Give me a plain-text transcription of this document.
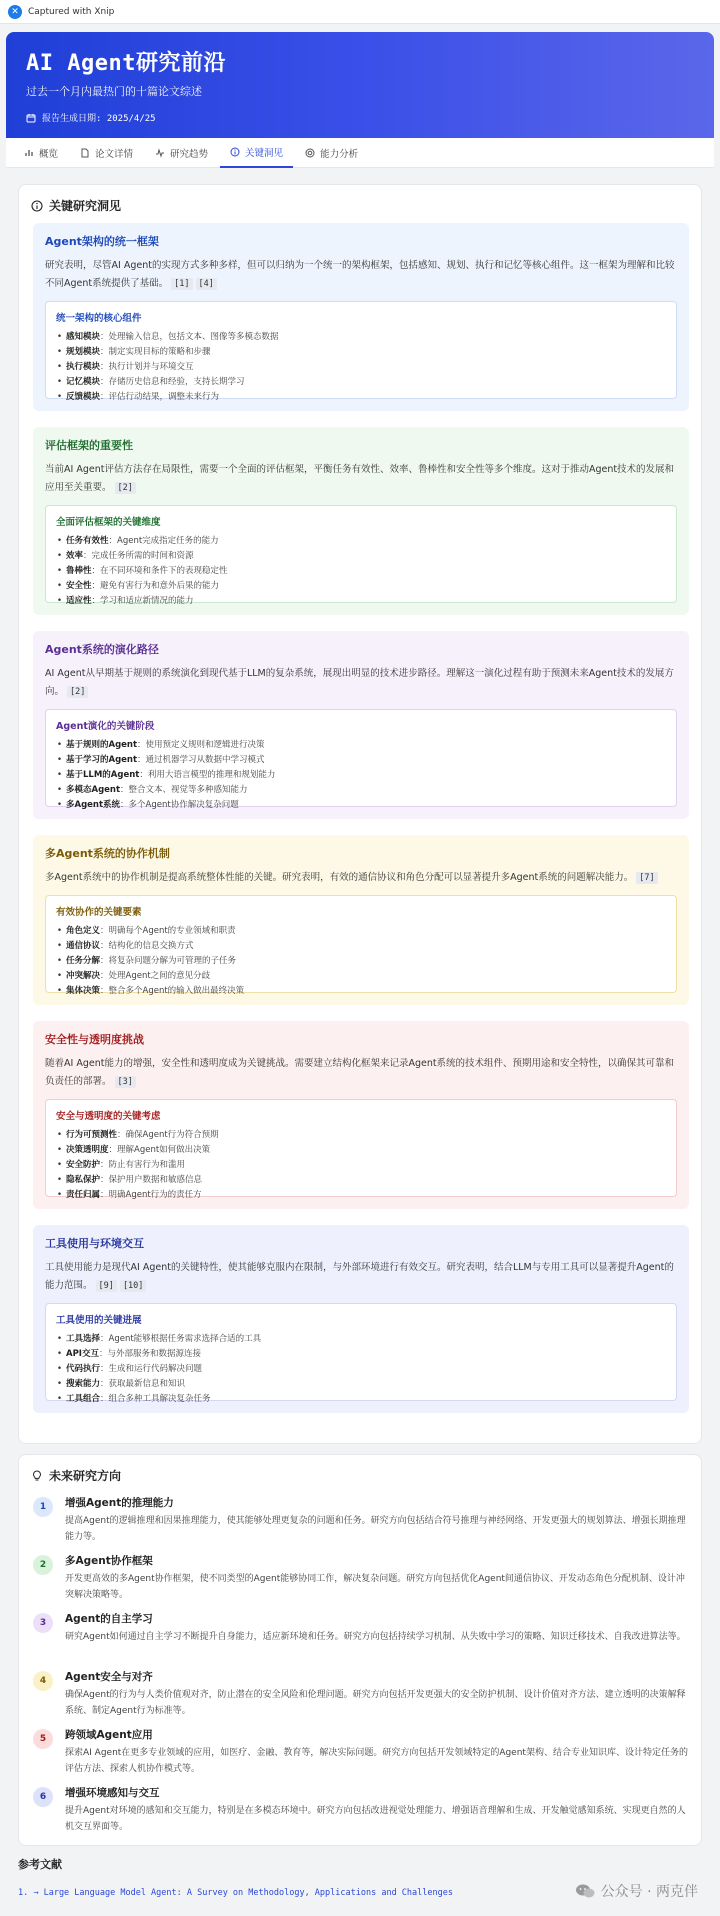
✕	Captured with Xnip
AI Agent研究前沿
过去一个月内最热门的十篇论文综述
报告生成日期: 2025/4/25
概览	论文详情	研究趋势	关键洞见	能力分析
关键研究洞见
Agent架构的统一框架

研究表明，尽管AI Agent的实现方式多种多样，但可以归纳为一个统一的架构框架，包括感知、规划、执行和记忆等核心组件。这一框架为理解和比较不同Agent系统提供了基础。 [1] [4]

统一架构的核心组件
• 感知模块：处理输入信息，包括文本、图像等多模态数据
• 规划模块：制定实现目标的策略和步骤
• 执行模块：执行计划并与环境交互
• 记忆模块：存储历史信息和经验，支持长期学习
• 反馈模块：评估行动结果，调整未来行为
评估框架的重要性

当前AI Agent评估方法存在局限性，需要一个全面的评估框架，平衡任务有效性、效率、鲁棒性和安全性等多个维度。这对于推动Agent技术的发展和应用至关重要。 [2]

全面评估框架的关键维度
• 任务有效性：Agent完成指定任务的能力
• 效率：完成任务所需的时间和资源
• 鲁棒性：在不同环境和条件下的表现稳定性
• 安全性：避免有害行为和意外后果的能力
• 适应性：学习和适应新情况的能力
Agent系统的演化路径

AI Agent从早期基于规则的系统演化到现代基于LLM的复杂系统，展现出明显的技术进步路径。理解这一演化过程有助于预测未来Agent技术的发展方向。 [2]

Agent演化的关键阶段
• 基于规则的Agent：使用预定义规则和逻辑进行决策
• 基于学习的Agent：通过机器学习从数据中学习模式
• 基于LLM的Agent：利用大语言模型的推理和规划能力
• 多模态Agent：整合文本、视觉等多种感知能力
• 多Agent系统：多个Agent协作解决复杂问题
多Agent系统的协作机制

多Agent系统中的协作机制是提高系统整体性能的关键。研究表明，有效的通信协议和角色分配可以显著提升多Agent系统的问题解决能力。 [7]

有效协作的关键要素
• 角色定义：明确每个Agent的专业领域和职责
• 通信协议：结构化的信息交换方式
• 任务分解：将复杂问题分解为可管理的子任务
• 冲突解决：处理Agent之间的意见分歧
• 集体决策：整合多个Agent的输入做出最终决策
安全性与透明度挑战

随着AI Agent能力的增强，安全性和透明度成为关键挑战。需要建立结构化框架来记录Agent系统的技术组件、预期用途和安全特性，以确保其可靠和负责任的部署。 [3]

安全与透明度的关键考虑
• 行为可预测性：确保Agent行为符合预期
• 决策透明度：理解Agent如何做出决策
• 安全防护：防止有害行为和滥用
• 隐私保护：保护用户数据和敏感信息
• 责任归属：明确Agent行为的责任方
工具使用与环境交互

工具使用能力是现代AI Agent的关键特性，使其能够克服内在限制，与外部环境进行有效交互。研究表明，结合LLM与专用工具可以显著提升Agent的能力范围。 [9] [10]

工具使用的关键进展
• 工具选择：Agent能够根据任务需求选择合适的工具
• API交互：与外部服务和数据源连接
• 代码执行：生成和运行代码解决问题
• 搜索能力：获取最新信息和知识
• 工具组合：组合多种工具解决复杂任务
未来研究方向
1 增强Agent的推理能力

提高Agent的逻辑推理和因果推理能力，使其能够处理更复杂的问题和任务。研究方向包括结合符号推理与神经网络、开发更强大的规划算法、增强长期推理能力等。

2 多Agent协作框架

开发更高效的多Agent协作框架，使不同类型的Agent能够协同工作，解决复杂问题。研究方向包括优化Agent间通信协议、开发动态角色分配机制、设计冲突解决策略等。

3 Agent的自主学习

研究Agent如何通过自主学习不断提升自身能力，适应新环境和任务。研究方向包括持续学习机制、从失败中学习的策略、知识迁移技术、自我改进算法等。

4 Agent安全与对齐

确保Agent的行为与人类价值观对齐，防止潜在的安全风险和伦理问题。研究方向包括开发更强大的安全防护机制、设计价值对齐方法、建立透明的决策解释系统、制定Agent行为标准等。

5 跨领域Agent应用

探索AI Agent在更多专业领域的应用，如医疗、金融、教育等，解决实际问题。研究方向包括开发领域特定的Agent架构、结合专业知识库、设计特定任务的评估方法、探索人机协作模式等。

6 增强环境感知与交互

提升Agent对环境的感知和交互能力，特别是在多模态环境中。研究方向包括改进视觉处理能力、增强语音理解和生成、开发触觉感知系统、实现更自然的人机交互界面等。

参考文献
1. → Large Language Model Agent: A Survey on Methodology, Applications and Challenges	公众号 · 两克伴
